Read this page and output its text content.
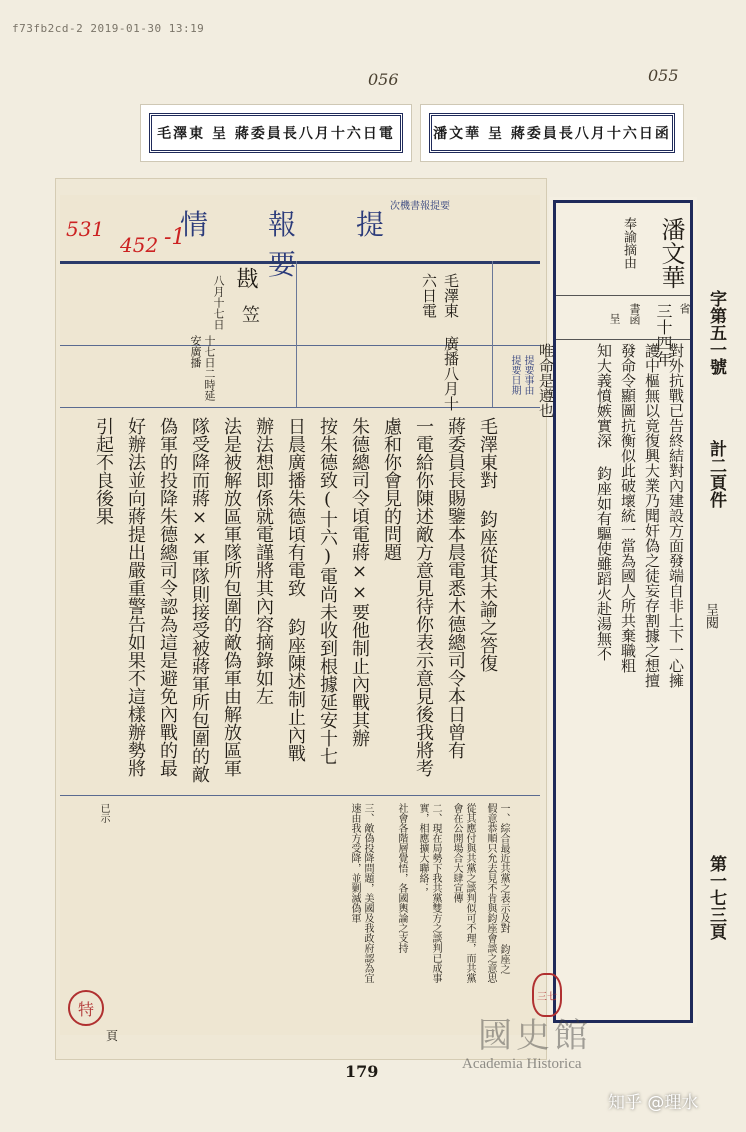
f73fb2cd-2 2019-01-30 13:19
056	055
毛澤東 呈 蔣委員長八月十六日電	潘文華 呈 蔣委員長八月十六日函
531
452 -1
情　報　提　要
次機書報提要
提要日期 提要事由
毛澤東 廣播八月十六日電
戡
笠
八月十七日
十七日二時延安廣播
毛澤東對 鈞座從其未諭之答復
蔣委員長賜鑒本晨電悉木德總司令本日曾有
一電給你陳述敵方意見待你表示意見後我將考
慮和你會見的問題
朱德總司令頃電蔣××要他制止內戰其辦
按朱德致(十六)電尚未收到根據延安十七
日晨廣播朱德頃有電致 鈞座陳述制止內戰
辦法想即係就電謹將其內容摘錄如左
法是被解放區軍隊所包圍的敵偽軍由解放區軍
隊受降而蔣××軍隊則接受被蔣軍所包圍的敵
偽軍的投降朱德總司令認為這是避免內戰的最
好辦法並向蔣提出嚴重警告如果不這樣辦勢將
引起不良後果
一、綜合最近共黨之表示及對 鈞座之假意恭順只允去見不肯與鈞座會談之意思
從其應付與共黨之談判似可不理，而共黨會在公開場合大肆宣傳
二、現在局勢下我共黨雙方之談判已成事實，相應擴大聯絡；
社會各階層覺悟，各國輿論之支持
三、敵偽投降問題，美國及我政府認為宜速由我方受降，並剿滅偽軍
已示
特
頁
179
潘文華
奉諭摘由
三十四年 省
書函
呈
對外抗戰已告終結對內建設方面發端自非上下一心擁
護中樞無以竟復興大業乃聞奸偽之徒妄存割據之想擅
發命令顯圖抗衡似此破壞統一當為國人所共棄職粗
知大義憤嫉實深 鈞座如有驅使雖蹈火赴湯無不
唯命是遵也
呈閱
三七
字第五一號
計二頁件
第一七三頁
國史館
Academia Historica
知乎 @理水
